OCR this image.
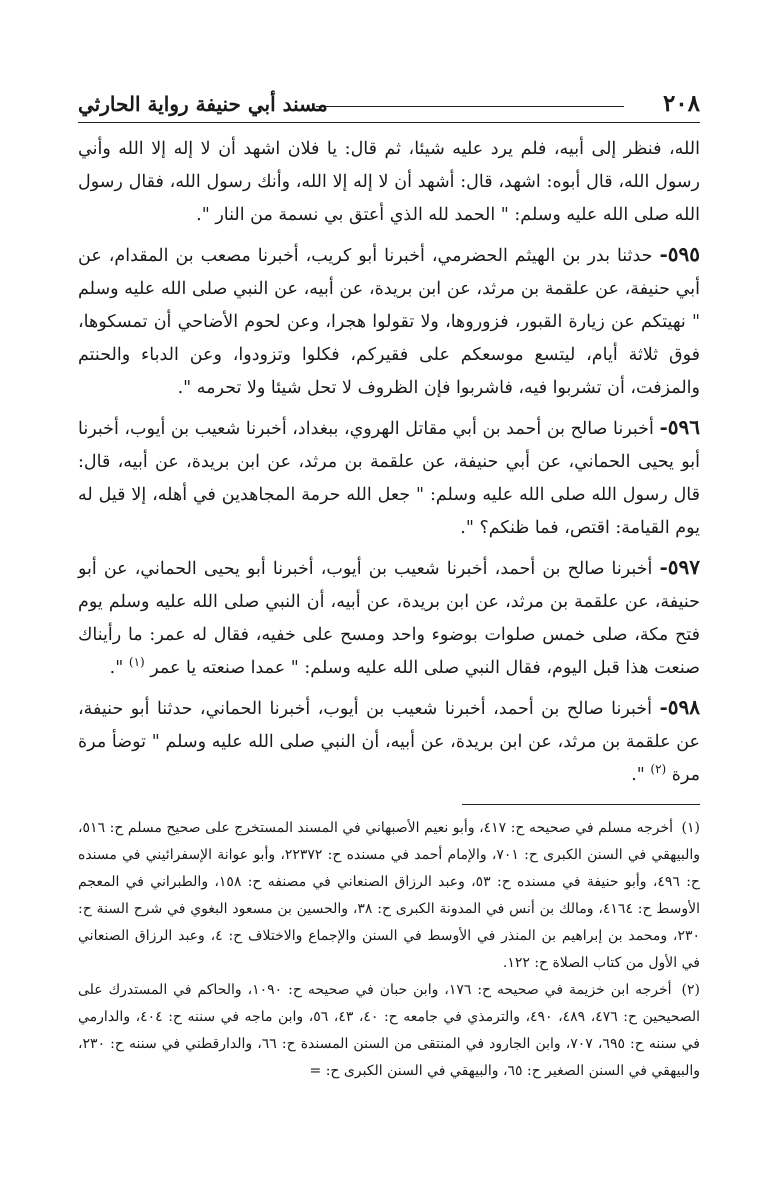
٢٠٨
مسند أبي حنيفة رواية الحارثي

الله، فنظر إلى أبيه، فلم يرد عليه شيئا، ثم قال: يا فلان اشهد أن لا إله إلا الله وأني رسول الله، قال أبوه: اشهد، قال: أشهد أن لا إله إلا الله، وأنك رسول الله، فقال رسول الله صلى الله عليه وسلم: " الحمد لله الذي أعتق بي نسمة من النار ".

٥٩٥- حدثنا بدر بن الهيثم الحضرمي، أخبرنا أبو كريب، أخبرنا مصعب بن المقدام، عن أبي حنيفة، عن علقمة بن مرثد، عن ابن بريدة، عن أبيه، عن النبي صلى الله عليه وسلم " نهيتكم عن زيارة القبور، فزوروها، ولا تقولوا هجرا، وعن لحوم الأضاحي أن تمسكوها، فوق ثلاثة أيام، ليتسع موسعكم على فقيركم، فكلوا وتزودوا، وعن الدباء والحنتم والمزفت، أن تشربوا فيه، فاشربوا فإن الظروف لا تحل شيئا ولا تحرمه ".

٥٩٦- أخبرنا صالح بن أحمد بن أبي مقاتل الهروي، ببغداد، أخبرنا شعيب بن أيوب، أخبرنا أبو يحيى الحماني، عن أبي حنيفة، عن علقمة بن مرثد، عن ابن بريدة، عن أبيه، قال: قال رسول الله صلى الله عليه وسلم: " جعل الله حرمة المجاهدين في أهله، إلا قيل له يوم القيامة: اقتص، فما ظنكم؟ ".

٥٩٧- أخبرنا صالح بن أحمد، أخبرنا شعيب بن أيوب، أخبرنا أبو يحيى الحماني، عن أبو حنيفة، عن علقمة بن مرثد، عن ابن بريدة، عن أبيه، أن النبي صلى الله عليه وسلم يوم فتح مكة، صلى خمس صلوات بوضوء واحد ومسح على خفيه، فقال له عمر: ما رأيناك صنعت هذا قبل اليوم، فقال النبي صلى الله عليه وسلم: " عمدا صنعته يا عمر $^{(١)}$ ".

٥٩٨- أخبرنا صالح بن أحمد، أخبرنا شعيب بن أيوب، أخبرنا الحماني، حدثنا أبو حنيفة، عن علقمة بن مرثد، عن ابن بريدة، عن أبيه، أن النبي صلى الله عليه وسلم " توضأ مرة مرة $^{(٢)}$ ".

(١) أخرجه مسلم في صحيحه ح: ٤١٧، وأبو نعيم الأصبهاني في المسند المستخرج على صحيح مسلم ح: ٥١٦، والبيهقي في السنن الكبرى ح: ٧٠١، والإمام أحمد في مسنده ح: ٢٢٣٧٢، وأبو عوانة الإسفرائيني في مسنده ح: ٤٩٦، وأبو حنيفة في مسنده ح: ٥٣، وعبد الرزاق الصنعاني في مصنفه ح: ١٥٨، والطبراني في المعجم الأوسط ح: ٤١٦٤، ومالك بن أنس في المدونة الكبرى ح: ٣٨، والحسين بن مسعود البغوي في شرح السنة ح: ٢٣٠، ومحمد بن إبراهيم بن المنذر في الأوسط في السنن والإجماع والاختلاف ح: ٤، وعبد الرزاق الصنعاني في الأول من كتاب الصلاة ح: ١٢٢.

(٢) أخرجه ابن خزيمة في صحيحه ح: ١٧٦، وابن حبان في صحيحه ح: ١٠٩٠، والحاكم في المستدرك على الصحيحين ح: ٤٧٦، ٤٨٩، ٤٩٠، والترمذي في جامعه ح: ٤٠، ٤٣، ٥٦، وابن ماجه في سننه ح: ٤٠٤، والدارمي في سننه ح: ٦٩٥، ٧٠٧، وابن الجارود في المنتقى من السنن المسندة ح: ٦٦، والدارقطني في سننه ح: ٢٣٠، والبيهقي في السنن الصغير ح: ٦٥، والبيهقي في السنن الكبرى ح: =
